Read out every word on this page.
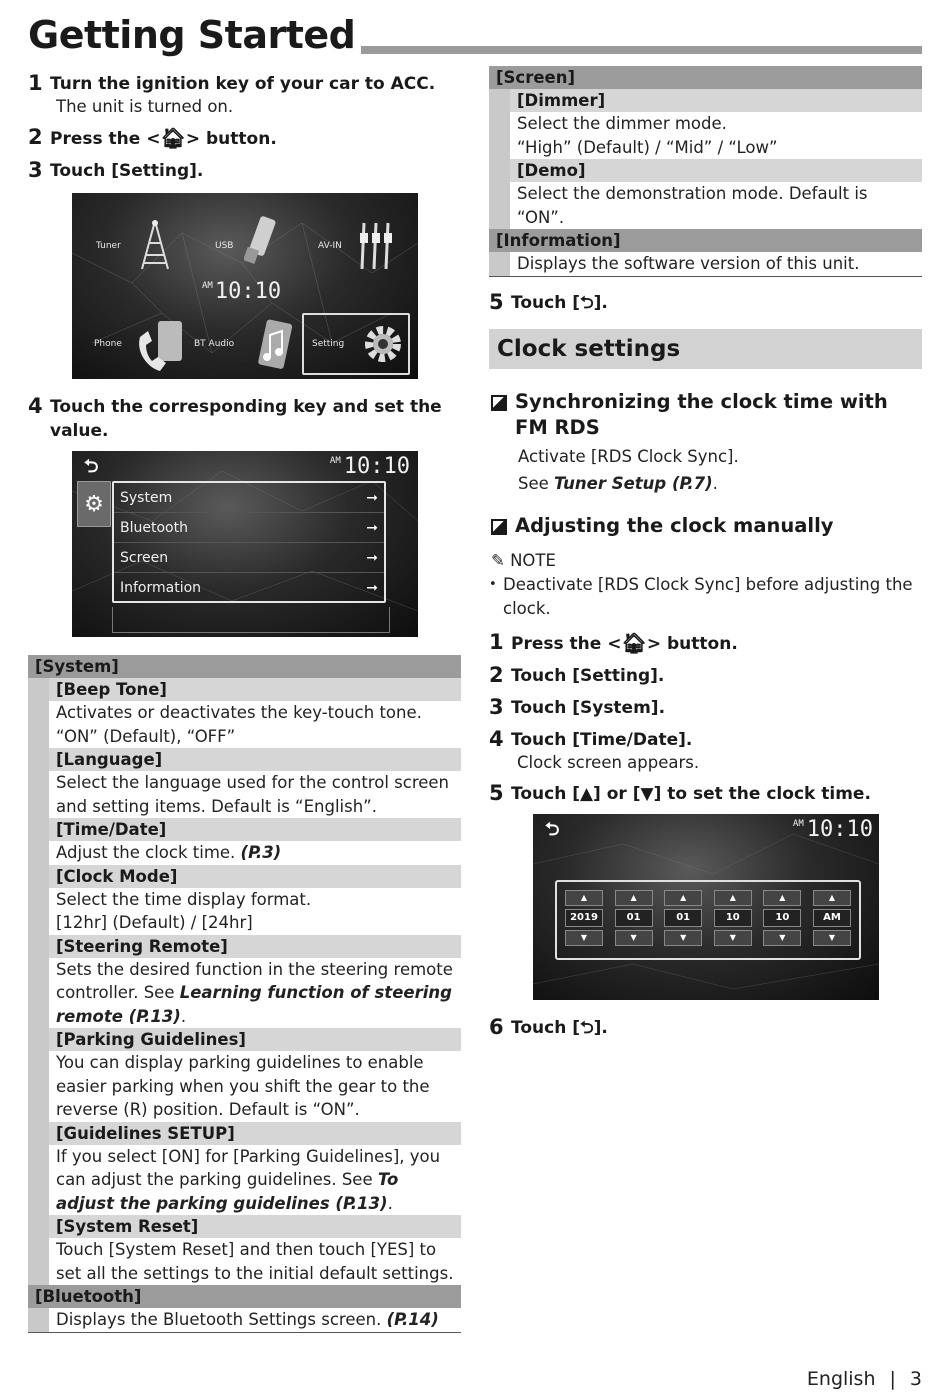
Getting Started
1 Turn the ignition key of your car to ACC.
The unit is turned on.
2 Press the <🏠︎> button.
3 Touch [Setting].
Tuner	USB	AV-IN
$^{AM}$10:10
Phone	BT Audio	Setting
4 Touch the corresponding key and set the value.
⮌	$^{AM}$ 10:10
⚙	System	➞
Bluetooth	➞
Screen	➞
Information	➞
[System]
[Beep Tone]
Activates or deactivates the key-touch tone.
“ON” (Default), “OFF”
[Language]
Select the language used for the control screen and setting items. Default is “English”.
[Time/Date]
Adjust the clock time. (P.3)
[Clock Mode]
Select the time display format.
[12hr] (Default) / [24hr]
[Steering Remote]
Sets the desired function in the steering remote controller. See Learning function of steering remote (P.13).
[Parking Guidelines]
You can display parking guidelines to enable easier parking when you shift the gear to the reverse (R) position. Default is “ON”.
[Guidelines SETUP]
If you select [ON] for [Parking Guidelines], you can adjust the parking guidelines. See To adjust the parking guidelines (P.13).
[System Reset]
Touch [System Reset] and then touch [YES] to set all the settings to the initial default settings.
[Bluetooth]
Displays the Bluetooth Settings screen. (P.14)
[Screen]
[Dimmer]
Select the dimmer mode.
“High” (Default) / “Mid” / “Low”
[Demo]
Select the demonstration mode. Default is “ON”.
[Information]
Displays the software version of this unit.
5 Touch [⮌].
Clock settings
Synchronizing the clock time with FM RDS
Activate [RDS Clock Sync].
See Tuner Setup (P.7).
Adjusting the clock manually
✎ NOTE
• Deactivate [RDS Clock Sync] before adjusting the clock.
1 Press the <🏠︎> button.
2 Touch [Setting].
3 Touch [System].
4 Touch [Time/Date].
Clock screen appears.
5 Touch [▲] or [▼] to set the clock time.
⮌	$^{AM}$ 10:10
▲
2019
▼
▲
01
▼
▲
01
▼
▲
10
▼
▲
10
▼
▲
AM
▼
6 Touch [⮌].
English | 3
